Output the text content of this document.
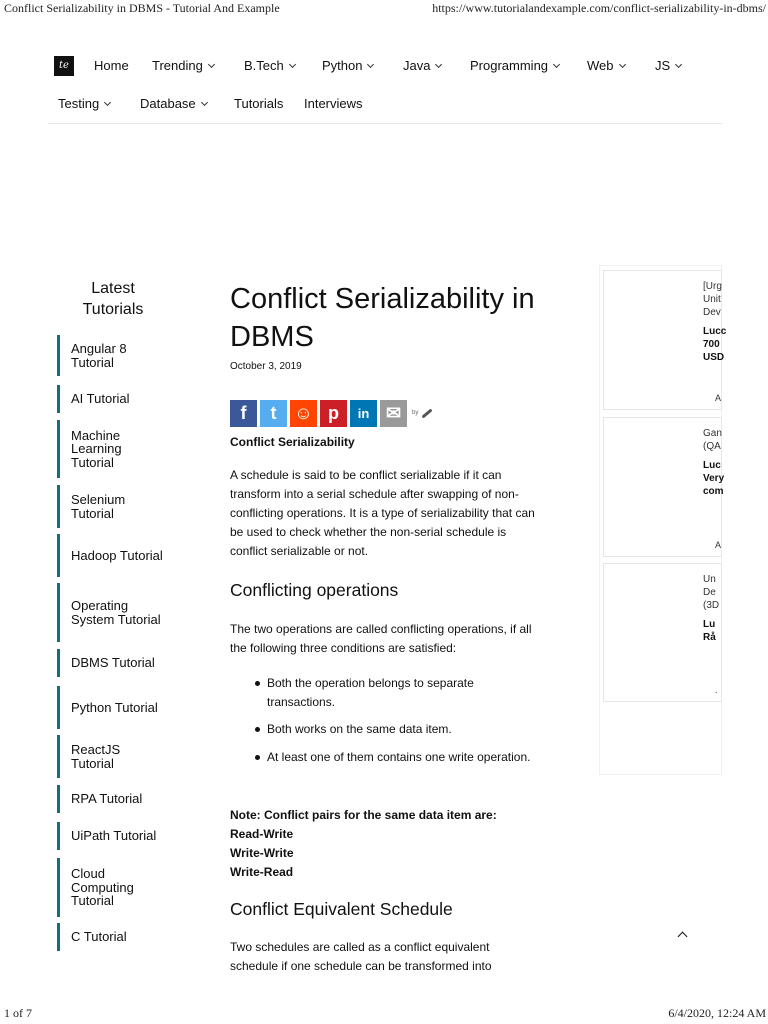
Conflict Serializability in DBMS - Tutorial And Example	https://www.tutorialandexample.com/conflict-serializability-in-dbms/
te	Home Trending	B.Tech	Python	Java	Programming	Web	JS
Testing	Database	Tutorials Interviews
Latest Tutorials
Angular 8 Tutorial
AI Tutorial
Machine Learning Tutorial
Selenium Tutorial
Hadoop Tutorial
Operating System Tutorial
DBMS Tutorial
Python Tutorial
ReactJS Tutorial
RPA Tutorial
UiPath Tutorial
Cloud Computing Tutorial
C Tutorial
Conflict Serializability in DBMS
October 3, 2019
f	t ☺ p	in ✉	by
Conflict Serializability
A schedule is said to be conflict serializable if it can transform into a serial schedule after swapping of non-conflicting operations. It is a type of serializability that can be used to check whether the non-serial schedule is conflict serializable or not.
Conflicting operations
The two operations are called conflicting operations, if all the following three conditions are satisfied:
Both the operation belongs to separate transactions.
Both works on the same data item.
At least one of them contains one write operation.
Note: Conflict pairs for the same data item are:
Read-Write
Write-Write
Write-Read
Conflict Equivalent Schedule
Two schedules are called as a conflict equivalent schedule if one schedule can be transformed into
[Urg
Unit
Dev
Lucc
700
USD
A
Gan
(QA
Luc
Very
com
A
Un
De
(3D
Lu
Rå
.
1 of 7	6/4/2020, 12:24 AM
